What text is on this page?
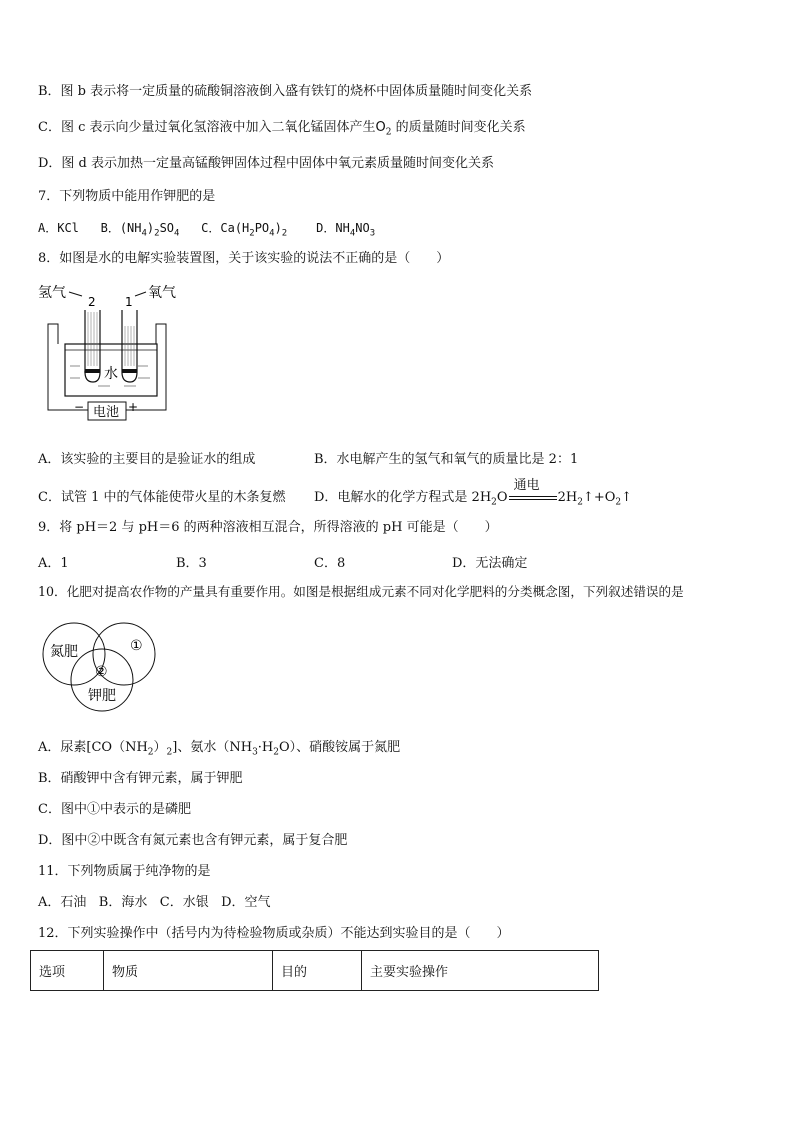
B．图 b 表示将一定质量的硫酸铜溶液倒入盛有铁钉的烧杯中固体质量随时间变化关系
C．图 c 表示向少量过氧化氢溶液中加入二氧化锰固体产生$O_2$ 的质量随时间变化关系
D．图 d 表示加热一定量高锰酸钾固体过程中固体中氧元素质量随时间变化关系
7．下列物质中能用作钾肥的是
A．KCl B．$(NH_4)_2SO_4$ C．$Ca(H_2PO_4)_2$ D．$NH_4NO_3$
8．如图是水的电解实验装置图，关于该实验的说法不正确的是（　　）
氢气	氧气
水
2 1
电池
−	+
A．该实验的主要目的是验证水的组成	B．水电解产生的氢气和氧气的质量比是 2：1
C．试管 1 中的气体能使带火星的木条复燃 D．电解水的化学方程式是 $2H_2O$
通电
$2H_2↑+O_2↑$
9．将 pH＝2 与 pH＝6 的两种溶液相互混合，所得溶液的 pH 可能是（　　）
A．1	B．3	C．8	D．无法确定
10．化肥对提高农作物的产量具有重要作用。如图是根据组成元素不同对化学肥料的分类概念图，下列叙述错误的是
氮肥	①
②
钾肥
A．尿素$[CO(NH_2)_2]$、氨水$(NH_3\cdot H_2O)$、硝酸铵属于氮肥
B．硝酸钾中含有钾元素，属于钾肥
C．图中①中表示的是磷肥
D．图中②中既含有氮元素也含有钾元素，属于复合肥
11．下列物质属于纯净物的是
A．石油 B．海水 C．水银 D．空气
12．下列实验操作中（括号内为待检验物质或杂质）不能达到实验目的是（　　）
选项	物质	目的	主要实验操作
